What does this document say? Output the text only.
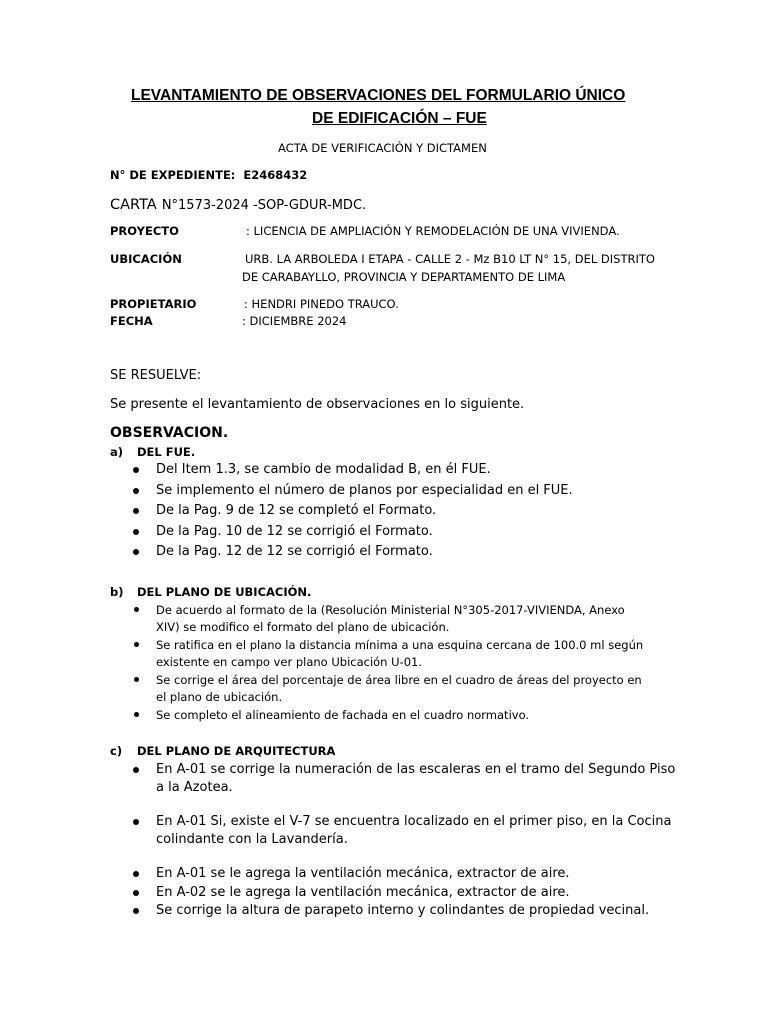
LEVANTAMIENTO DE OBSERVACIONES DEL FORMULARIO ÚNICO
DE EDIFICACIÓN – FUE
ACTA DE VERIFICACIÓN Y DICTAMEN
N° DE EXPEDIENTE: E2468432
CARTA N°1573-2024 -SOP-GDUR-MDC.
PROYECTO	: LICENCIA DE AMPLIACIÓN Y REMODELACIÓN DE UNA VIVIENDA.
UBICACIÓN	URB. LA ARBOLEDA I ETAPA - CALLE 2 - Mz B10 LT N° 15, DEL DISTRITO
DE CARABAYLLO, PROVINCIA Y DEPARTAMENTO DE LIMA
PROPIETARIO	: HENDRI PINEDO TRAUCO.
FECHA	: DICIEMBRE 2024
SE RESUELVE:
Se presente el levantamiento de observaciones en lo siguiente.
OBSERVACION.
a) DEL FUE.
Del Item 1.3, se cambio de modalidad B, en él FUE.
Se implemento el número de planos por especialidad en el FUE.
De la Pag. 9 de 12 se completó el Formato.
De la Pag. 10 de 12 se corrigió el Formato.
De la Pag. 12 de 12 se corrigió el Formato.
b) DEL PLANO DE UBICACIÓN.
De acuerdo al formato de la (Resolución Ministerial N°305-2017-VIVIENDA, Anexo
XIV) se modifico el formato del plano de ubicación.
Se ratifica en el plano la distancia mínima a una esquina cercana de 100.0 ml según
existente en campo ver plano Ubicación U-01.
Se corrige el área del porcentaje de área libre en el cuadro de áreas del proyecto en
el plano de ubicación.
Se completo el alineamiento de fachada en el cuadro normativo.
c) DEL PLANO DE ARQUITECTURA
En A-01 se corrige la numeración de las escaleras en el tramo del Segundo Piso
a la Azotea.
En A-01 Si, existe el V-7 se encuentra localizado en el primer piso, en la Cocina
colindante con la Lavandería.
En A-01 se le agrega la ventilación mecánica, extractor de aire.
En A-02 se le agrega la ventilación mecánica, extractor de aire.
Se corrige la altura de parapeto interno y colindantes de propiedad vecinal.
